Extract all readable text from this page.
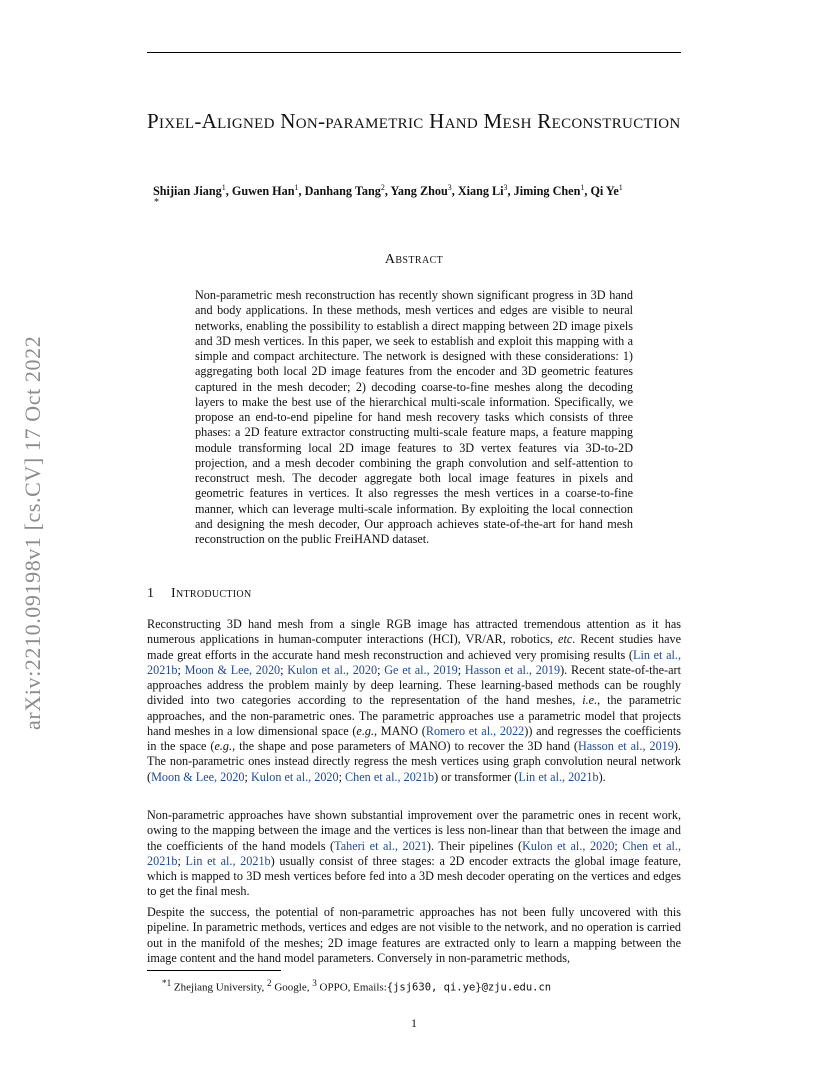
arXiv:2210.09198v1 [cs.CV] 17 Oct 2022
Pixel-Aligned Non-parametric Hand Mesh Reconstruction
Shijian Jiang$^1$, Guwen Han$^1$, Danhang Tang$^2$, Yang Zhou$^3$, Xiang Li$^3$, Jiming Chen$^1$, Qi Ye$^1$
*
Abstract

Non-parametric mesh reconstruction has recently shown significant progress in 3D hand and body applications. In these methods, mesh vertices and edges are visible to neural networks, enabling the possibility to establish a direct mapping between 2D image pixels and 3D mesh vertices. In this paper, we seek to establish and exploit this mapping with a simple and compact architecture. The network is designed with these considerations: 1) aggregating both local 2D image features from the encoder and 3D geometric features captured in the mesh decoder; 2) decoding coarse-to-fine meshes along the decoding layers to make the best use of the hierarchical multi-scale information. Specifically, we propose an end-to-end pipeline for hand mesh recovery tasks which consists of three phases: a 2D feature extractor constructing multi-scale feature maps, a feature mapping module transforming local 2D image features to 3D vertex features via 3D-to-2D projection, and a mesh decoder combining the graph convolution and self-attention to reconstruct mesh. The decoder aggregate both local image features in pixels and geometric features in vertices. It also regresses the mesh vertices in a coarse-to-fine manner, which can leverage multi-scale information. By exploiting the local connection and designing the mesh decoder, Our approach achieves state-of-the-art for hand mesh reconstruction on the public FreiHAND dataset.

1 Introduction

Reconstructing 3D hand mesh from a single RGB image has attracted tremendous attention as it has numerous applications in human-computer interactions (HCI), VR/AR, robotics, etc. Recent studies have made great efforts in the accurate hand mesh reconstruction and achieved very promising results (Lin et al., 2021b; Moon & Lee, 2020; Kulon et al., 2020; Ge et al., 2019; Hasson et al., 2019). Recent state-of-the-art approaches address the problem mainly by deep learning. These learning-based methods can be roughly divided into two categories according to the representation of the hand meshes, i.e., the parametric approaches, and the non-parametric ones. The parametric approaches use a parametric model that projects hand meshes in a low dimensional space (e.g., MANO (Romero et al., 2022)) and regresses the coefficients in the space (e.g., the shape and pose parameters of MANO) to recover the 3D hand (Hasson et al., 2019). The non-parametric ones instead directly regress the mesh vertices using graph convolution neural network (Moon & Lee, 2020; Kulon et al., 2020; Chen et al., 2021b) or transformer (Lin et al., 2021b).

Non-parametric approaches have shown substantial improvement over the parametric ones in recent work, owing to the mapping between the image and the vertices is less non-linear than that between the image and the coefficients of the hand models (Taheri et al., 2021). Their pipelines (Kulon et al., 2020; Chen et al., 2021b; Lin et al., 2021b) usually consist of three stages: a 2D encoder extracts the global image feature, which is mapped to 3D mesh vertices before fed into a 3D mesh decoder operating on the vertices and edges to get the final mesh.

Despite the success, the potential of non-parametric approaches has not been fully uncovered with this pipeline. In parametric methods, vertices and edges are not visible to the network, and no operation is carried out in the manifold of the meshes; 2D image features are extracted only to learn a mapping between the image content and the hand model parameters. Conversely in non-parametric methods,

$^{*1}$ Zhejiang University, $^2$ Google, $^3$ OPPO, Emails:{jsj630, qi.ye}@zju.edu.cn
1
